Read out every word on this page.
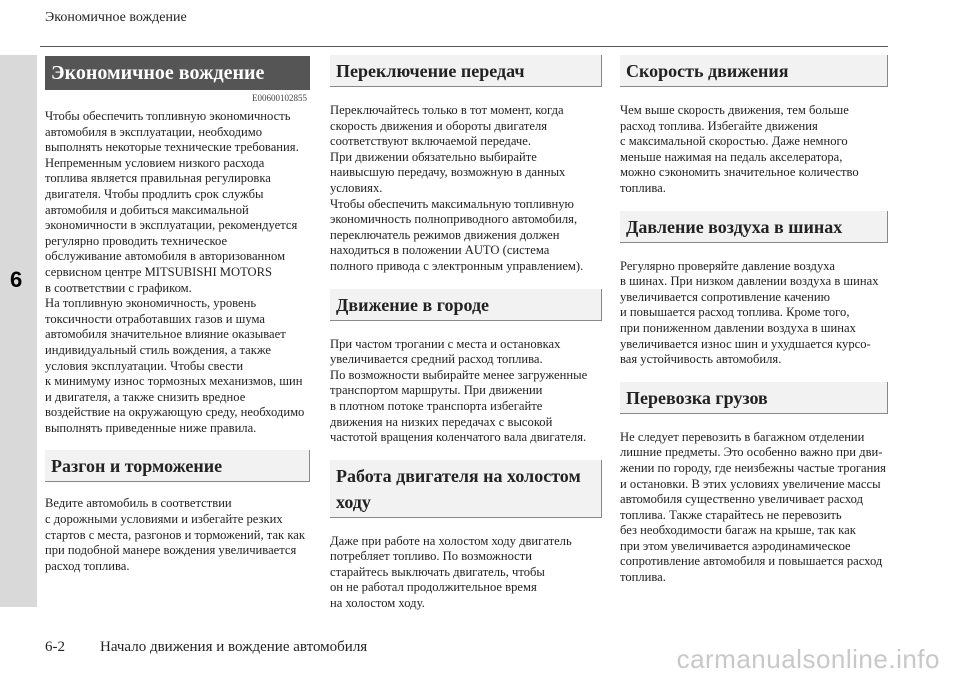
Экономичное вождение
6
Экономичное вождение
E00600102855

Чтобы обеспечить топливную экономичность
автомобиля в эксплуатации, необходимо
выполнять некоторые технические требования.
Непременным условием низкого расхода
топлива является правильная регулировка
двигателя. Чтобы продлить срок службы
автомобиля и добиться максимальной
экономичности в эксплуатации, рекомендуется
регулярно проводить техническое
обслуживание автомобиля в авторизованном
сервисном центре MITSUBISHI MOTORS
в соответствии с графиком.
На топливную экономичность, уровень
токсичности отработавших газов и шума
автомобиля значительное влияние оказывает
индивидуальный стиль вождения, а также
условия эксплуатации. Чтобы свести
к минимуму износ тормозных механизмов, шин
и двигателя, а также снизить вредное
воздействие на окружающую среду, необходимо
выполнять приведенные ниже правила.

Разгон и торможение

Ведите автомобиль в соответствии
с дорожными условиями и избегайте резких
стартов с места, разгонов и торможений, так как
при подобной манере вождения увеличивается
расход топлива.

Переключение передач

Переключайтесь только в тот момент, когда
скорость движения и обороты двигателя
соответствуют включаемой передаче.
При движении обязательно выбирайте
наивысшую передачу, возможную в данных
условиях.
Чтобы обеспечить максимальную топливную
экономичность полноприводного автомобиля,
переключатель режимов движения должен
находиться в положении AUTO (система
полного привода с электронным управлением).

Движение в городе

При частом трогании с места и остановках
увеличивается средний расход топлива.
По возможности выбирайте менее загруженные
транспортом маршруты. При движении
в плотном потоке транспорта избегайте
движения на низких передачах с высокой
частотой вращения коленчатого вала двигателя.

Работа двигателя на холостом ходу

Даже при работе на холостом ходу двигатель
потребляет топливо. По возможности
старайтесь выключать двигатель, чтобы
он не работал продолжительное время
на холостом ходу.

Скорость движения

Чем выше скорость движения, тем больше
расход топлива. Избегайте движения
с максимальной скоростью. Даже немного
меньше нажимая на педаль акселератора,
можно сэкономить значительное количество
топлива.

Давление воздуха в шинах

Регулярно проверяйте давление воздуха
в шинах. При низком давлении воздуха в шинах
увеличивается сопротивление качению
и повышается расход топлива. Кроме того,
при пониженном давлении воздуха в шинах
увеличивается износ шин и ухудшается курсо-
вая устойчивость автомобиля.

Перевозка грузов

Не следует перевозить в багажном отделении
лишние предметы. Это особенно важно при дви-
жении по городу, где неизбежны частые трогания
и остановки. В этих условиях увеличение массы
автомобиля существенно увеличивает расход
топлива. Также старайтесь не перевозить
без необходимости багаж на крыше, так как
при этом увеличивается аэродинамическое
сопротивление автомобиля и повышается расход
топлива.

6-2 Начало движения и вождение автомобиля	carmanualsonline.info
